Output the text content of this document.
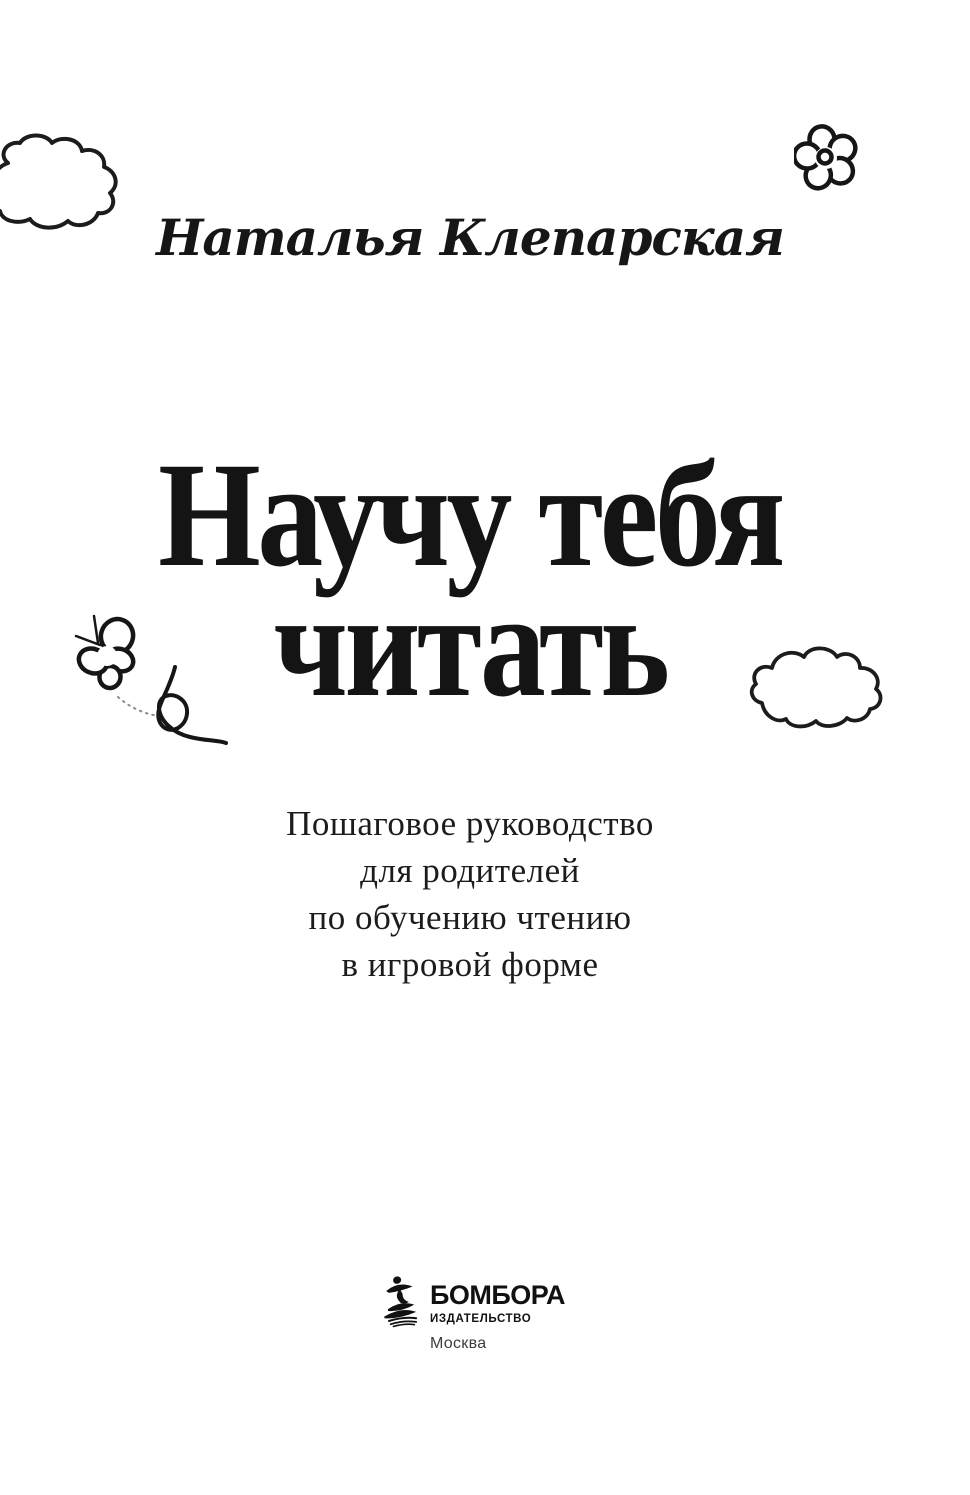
Наталья Клепарская
Научу тебя
читать
Пошаговое руководство
для родителей
по обучению чтению
в игровой форме
БОМБОРА
ИЗДАТЕЛЬСТВО
Москва
